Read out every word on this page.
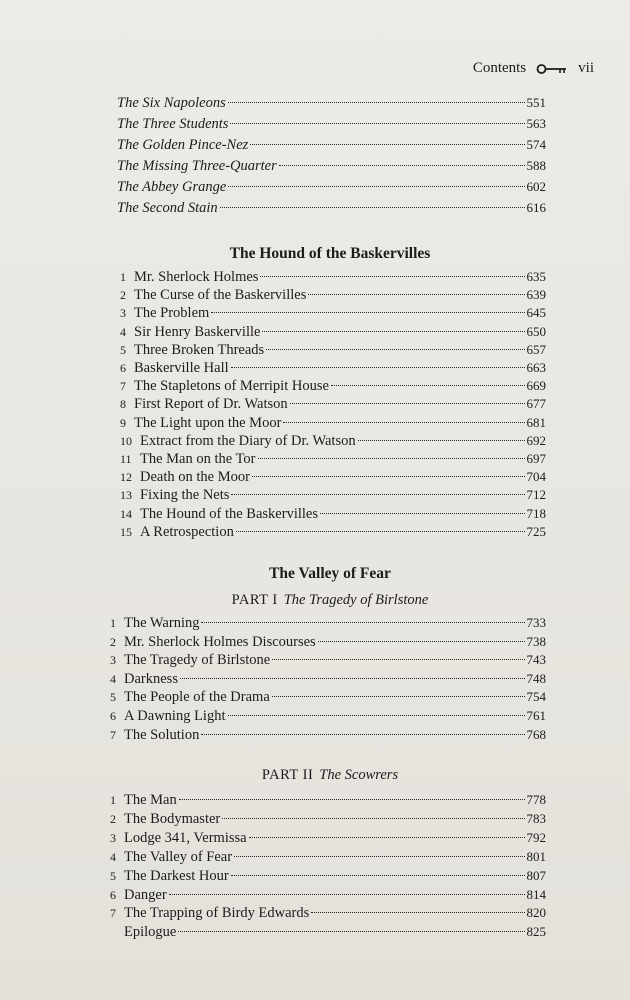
Contents	vii
The Hound of the Baskervilles
The Valley of Fear
PART I The Tragedy of Birlstone
PART II The Scowrers
The Six Napoleons	551
The Three Students	563
The Golden Pince-Nez	574
The Missing Three-Quarter	588
The Abbey Grange	602
The Second Stain	616
1 Mr. Sherlock Holmes	635
2 The Curse of the Baskervilles	639
3 The Problem	645
4 Sir Henry Baskerville	650
5 Three Broken Threads	657
6 Baskerville Hall	663
7 The Stapletons of Merripit House	669
8 First Report of Dr. Watson	677
9 The Light upon the Moor	681
10 Extract from the Diary of Dr. Watson	692
11 The Man on the Tor	697
12 Death on the Moor	704
13 Fixing the Nets	712
14 The Hound of the Baskervilles	718
15 A Retrospection	725
1 The Warning	733
2 Mr. Sherlock Holmes Discourses	738
3 The Tragedy of Birlstone	743
4 Darkness	748
5 The People of the Drama	754
6 A Dawning Light	761
7 The Solution	768
1 The Man	778
2 The Bodymaster	783
3 Lodge 341, Vermissa	792
4 The Valley of Fear	801
5 The Darkest Hour	807
6 Danger	814
7 The Trapping of Birdy Edwards	820
Epilogue	825
